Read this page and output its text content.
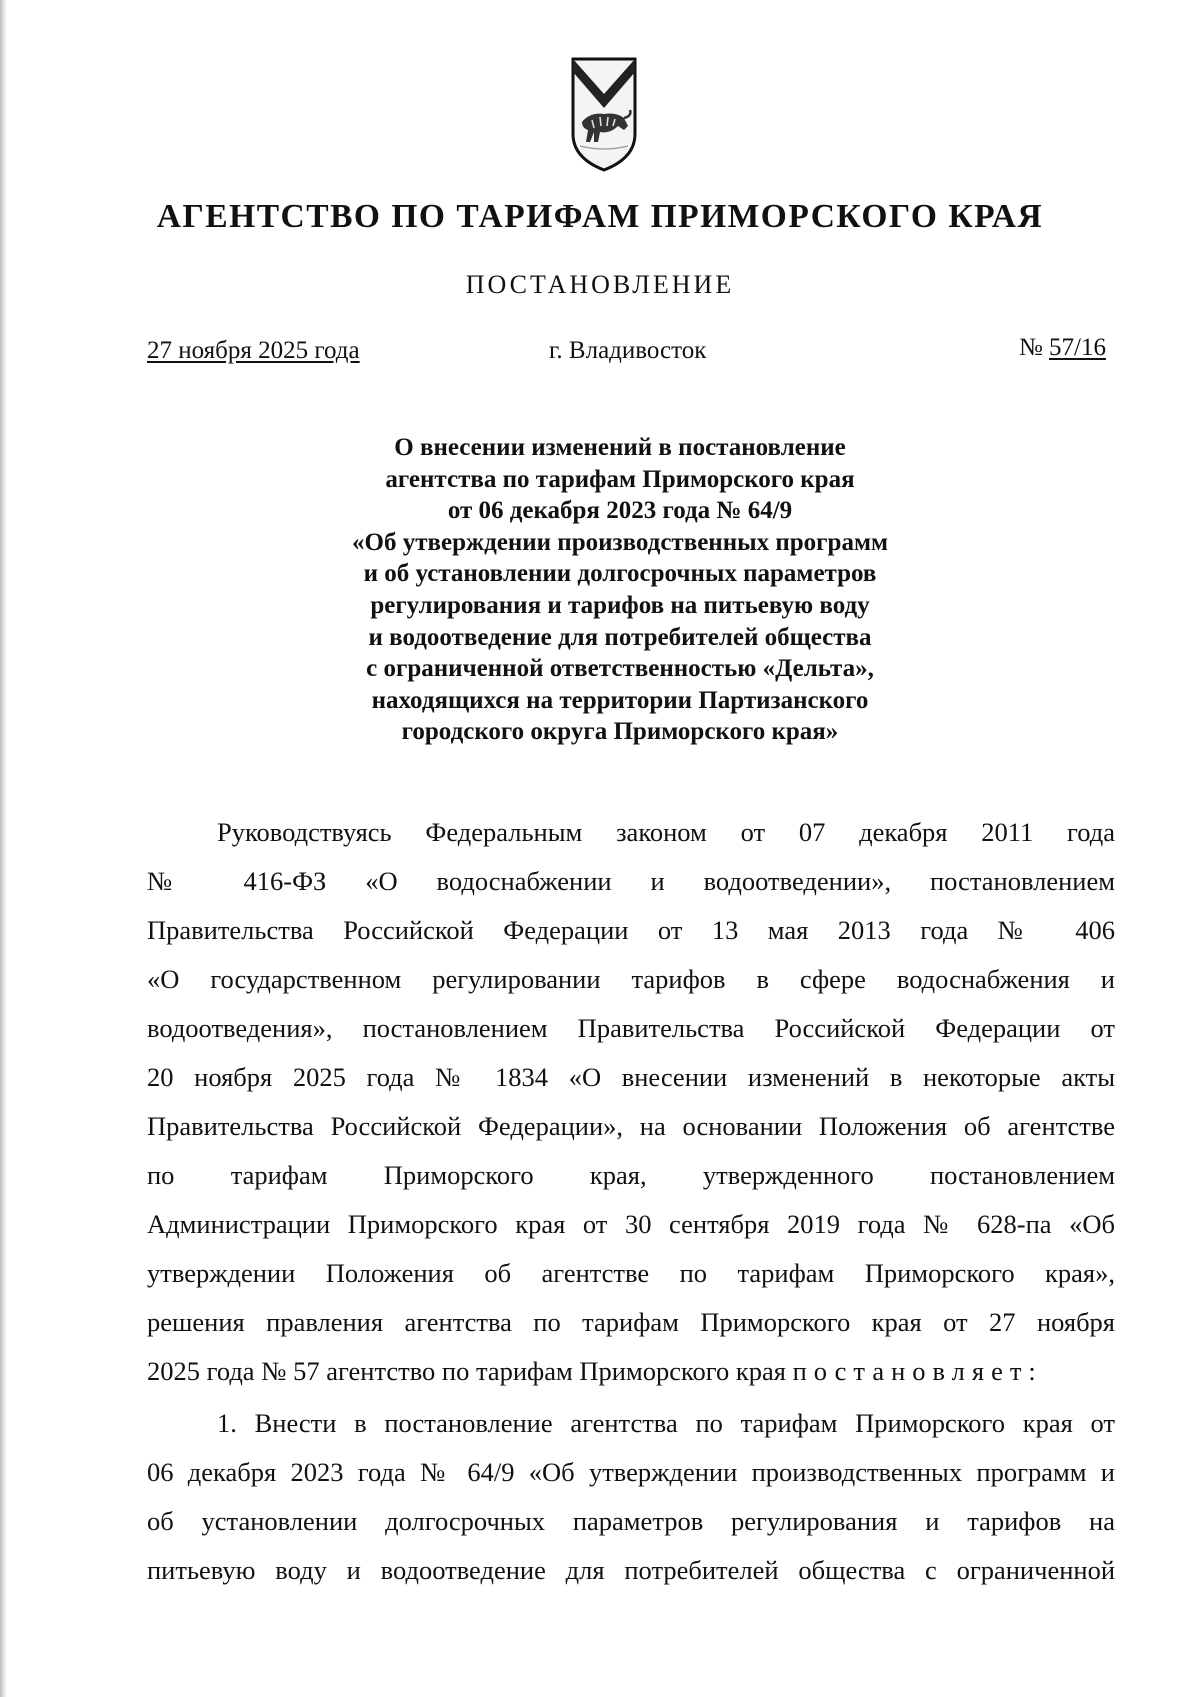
АГЕНТСТВО ПО ТАРИФАМ ПРИМОРСКОГО КРАЯ
ПОСТАНОВЛЕНИЕ
27 ноября 2025 года	г. Владивосток	№ 57/16
О внесении изменений в постановление
агентства по тарифам Приморского края
от 06 декабря 2023 года № 64/9
«Об утверждении производственных программ
и об установлении долгосрочных параметров
регулирования и тарифов на питьевую воду
и водоотведение для потребителей общества
с ограниченной ответственностью «Дельта»,
находящихся на территории Партизанского
городского округа Приморского края»
Руководствуясь Федеральным законом от 07 декабря 2011 года
№ 416-ФЗ «О водоснабжении и водоотведении», постановлением
Правительства Российской Федерации от 13 мая 2013 года № 406
«О государственном регулировании тарифов в сфере водоснабжения и
водоотведения», постановлением Правительства Российской Федерации от
20 ноября 2025 года № 1834 «О внесении изменений в некоторые акты
Правительства Российской Федерации», на основании Положения об агентстве
по тарифам Приморского края, утвержденного постановлением
Администрации Приморского края от 30 сентября 2019 года № 628-па «Об
утверждении Положения об агентстве по тарифам Приморского края»,
решения правления агентства по тарифам Приморского края от 27 ноября
2025 года № 57 агентство по тарифам Приморского края постановляет:
1. Внести в постановление агентства по тарифам Приморского края от
06 декабря 2023 года № 64/9 «Об утверждении производственных программ и
об установлении долгосрочных параметров регулирования и тарифов на
питьевую воду и водоотведение для потребителей общества с ограниченной
